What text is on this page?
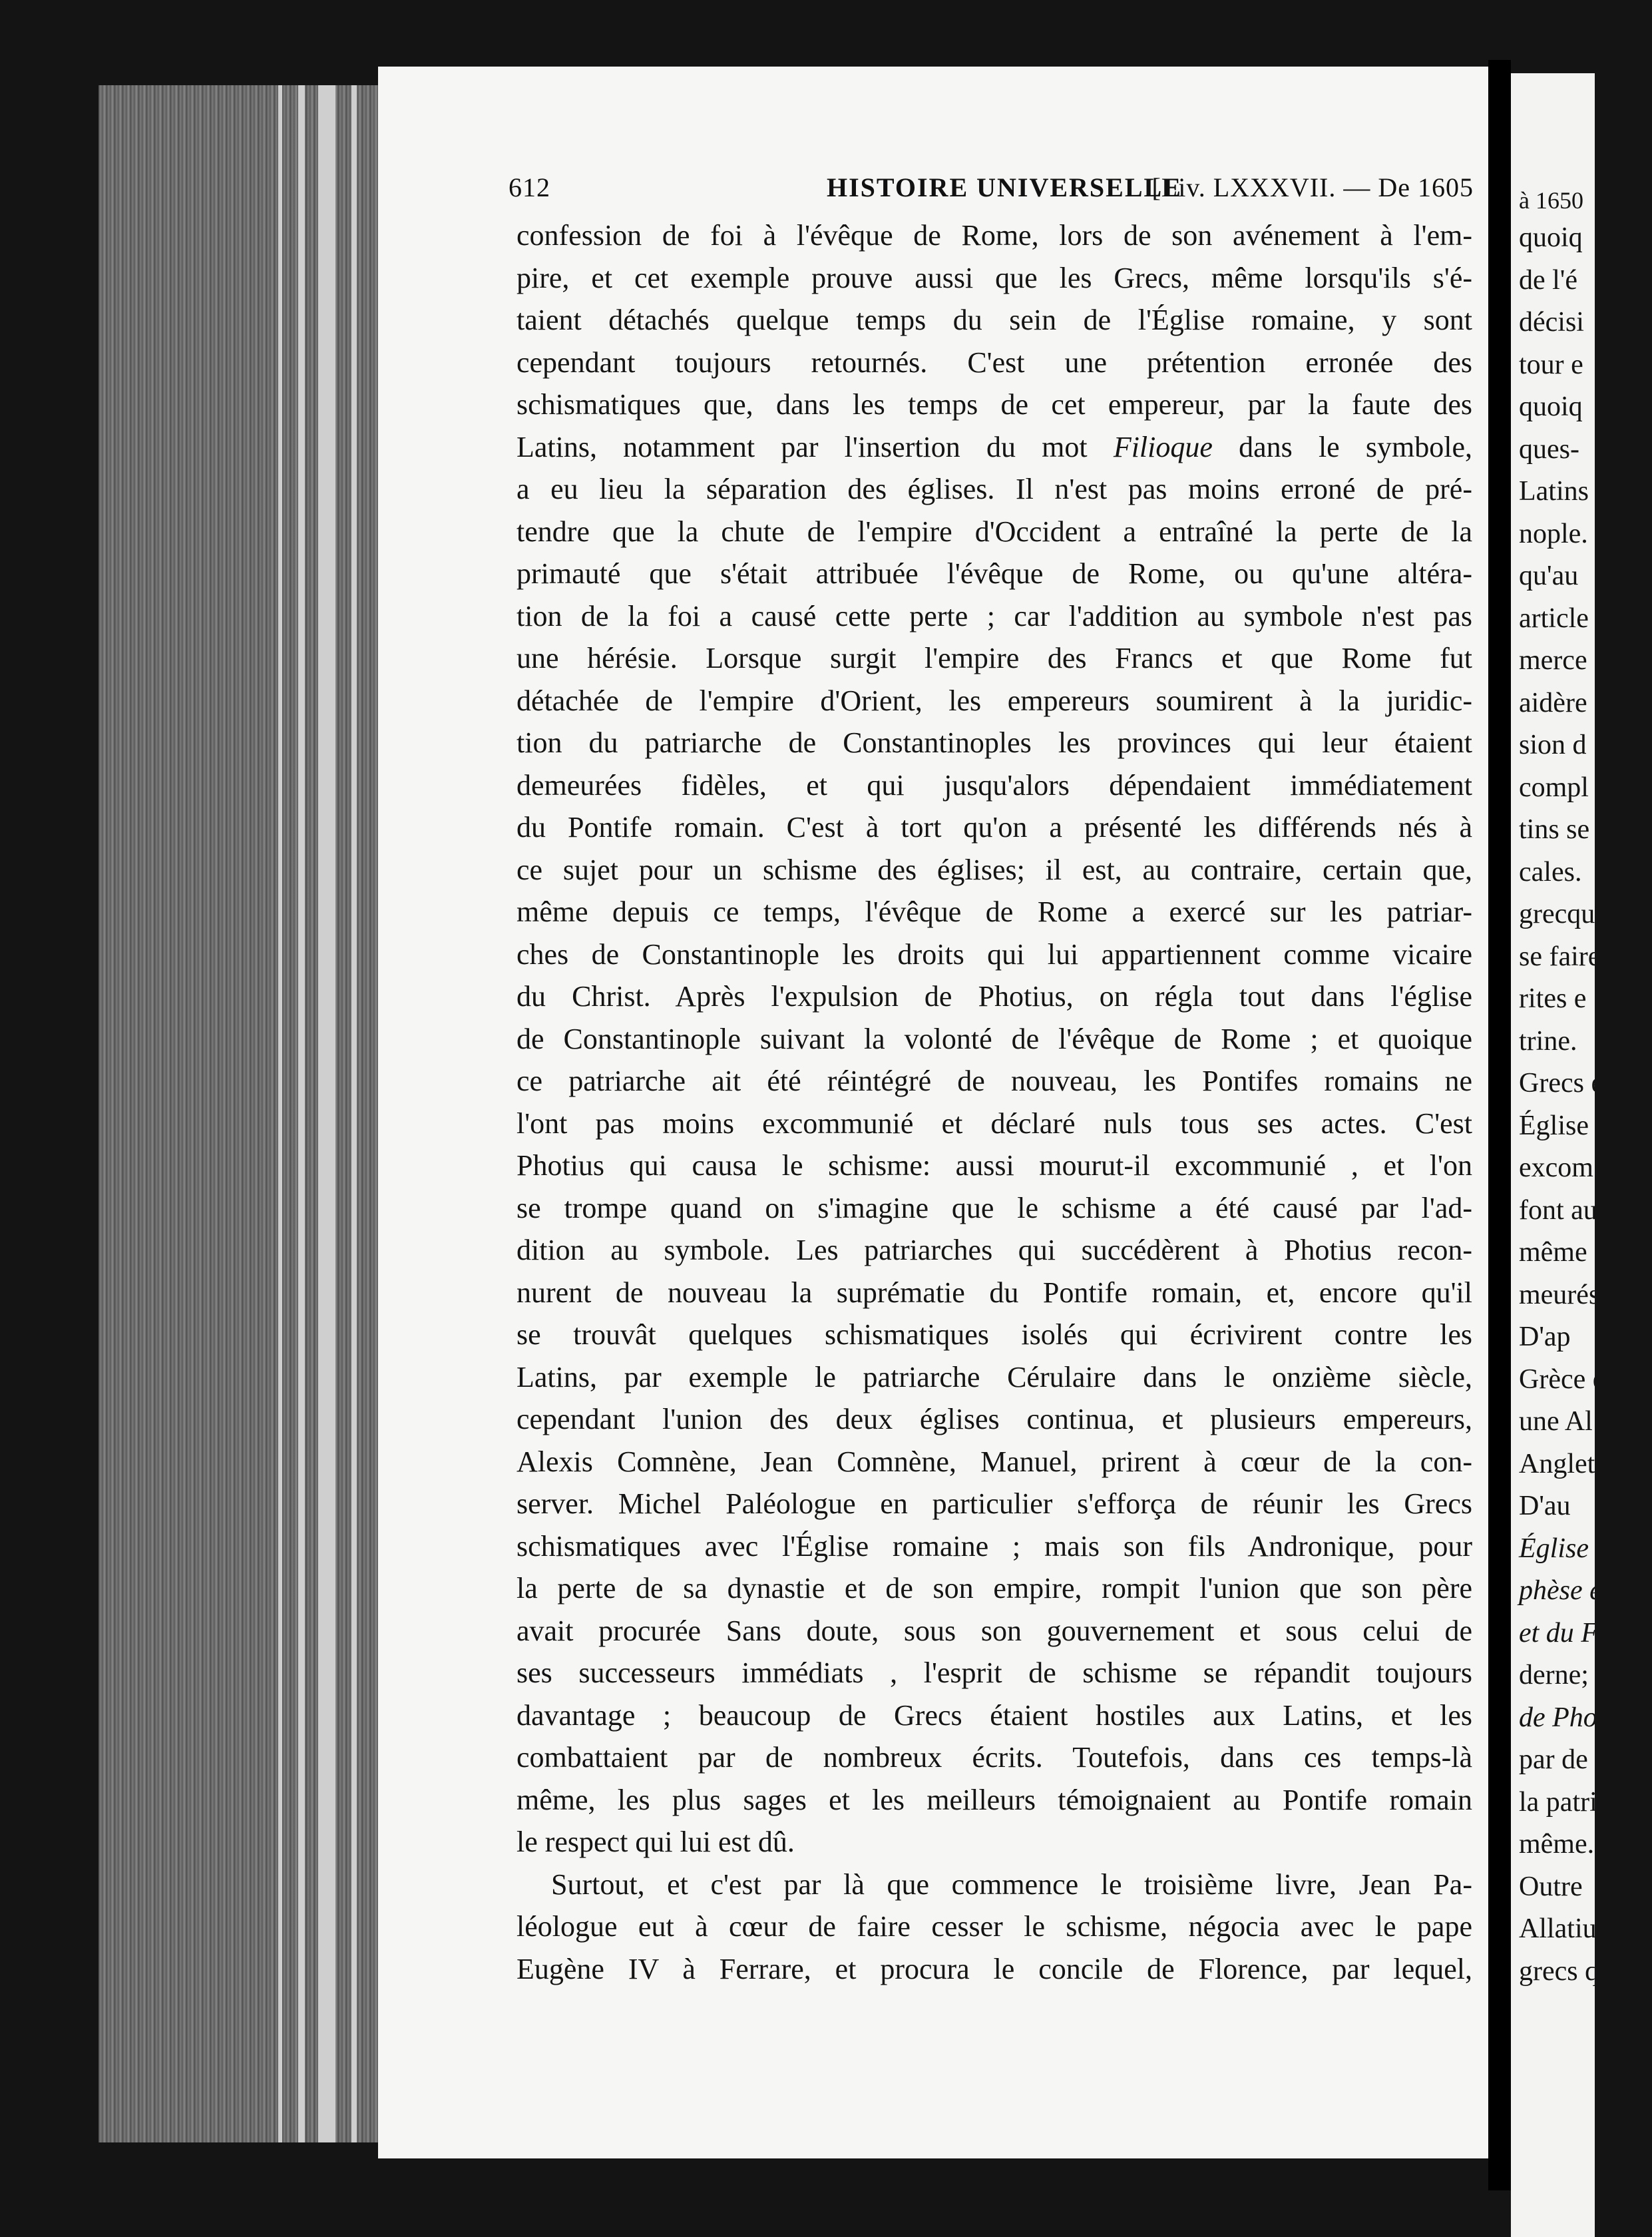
612	HISTOIRE UNIVERSELLE
[Liv. LXXXVII. — De 1605
confession de foi à l'évêque de Rome, lors de son avénement à l'em-
pire, et cet exemple prouve aussi que les Grecs, même lorsqu'ils s'é-
taient détachés quelque temps du sein de l'Église romaine, y sont
cependant toujours retournés. C'est une prétention erronée des
schismatiques que, dans les temps de cet empereur, par la faute des
Latins, notamment par l'insertion du mot Filioque dans le symbole,
a eu lieu la séparation des églises. Il n'est pas moins erroné de pré-
tendre que la chute de l'empire d'Occident a entraîné la perte de la
primauté que s'était attribuée l'évêque de Rome, ou qu'une altéra-
tion de la foi a causé cette perte ; car l'addition au symbole n'est pas
une hérésie. Lorsque surgit l'empire des Francs et que Rome fut
détachée de l'empire d'Orient, les empereurs soumirent à la juridic-
tion du patriarche de Constantinoples les provinces qui leur étaient
demeurées fidèles, et qui jusqu'alors dépendaient immédiatement
du Pontife romain. C'est à tort qu'on a présenté les différends nés à
ce sujet pour un schisme des églises; il est, au contraire, certain que,
même depuis ce temps, l'évêque de Rome a exercé sur les patriar-
ches de Constantinople les droits qui lui appartiennent comme vicaire
du Christ. Après l'expulsion de Photius, on régla tout dans l'église
de Constantinople suivant la volonté de l'évêque de Rome ; et quoique
ce patriarche ait été réintégré de nouveau, les Pontifes romains ne
l'ont pas moins excommunié et déclaré nuls tous ses actes. C'est
Photius qui causa le schisme: aussi mourut-il excommunié , et l'on
se trompe quand on s'imagine que le schisme a été causé par l'ad-
dition au symbole. Les patriarches qui succédèrent à Photius recon-
nurent de nouveau la suprématie du Pontife romain, et, encore qu'il
se trouvât quelques schismatiques isolés qui écrivirent contre les
Latins, par exemple le patriarche Cérulaire dans le onzième siècle,
cependant l'union des deux églises continua, et plusieurs empereurs,
Alexis Comnène, Jean Comnène, Manuel, prirent à cœur de la con-
server. Michel Paléologue en particulier s'efforça de réunir les Grecs
schismatiques avec l'Église romaine ; mais son fils Andronique, pour
la perte de sa dynastie et de son empire, rompit l'union que son père
avait procurée Sans doute, sous son gouvernement et sous celui de
ses successeurs immédiats , l'esprit de schisme se répandit toujours
davantage ; beaucoup de Grecs étaient hostiles aux Latins, et les
combattaient par de nombreux écrits. Toutefois, dans ces temps-là
même, les plus sages et les meilleurs témoignaient au Pontife romain
le respect qui lui est dû.
Surtout, et c'est par là que commence le troisième livre, Jean Pa-
léologue eut à cœur de faire cesser le schisme, négocia avec le pape
Eugène IV à Ferrare, et procura le concile de Florence, par lequel,
à 1650
quoiq
de l'é
décisi
tour e
quoiq
ques-
Latins
nople.
qu'au
article
merce
aidère
sion d
compl
tins se
cales.
grecqu
se faire
rites e
trine.
Grecs e
Église
excom
font au
même
meurés
D'ap
Grèce e
une Al
Anglete
D'au
Église
phèse e
et du F
derne;
de Phot
par de
la patri
même.
Outre
Allatius
grecs q
